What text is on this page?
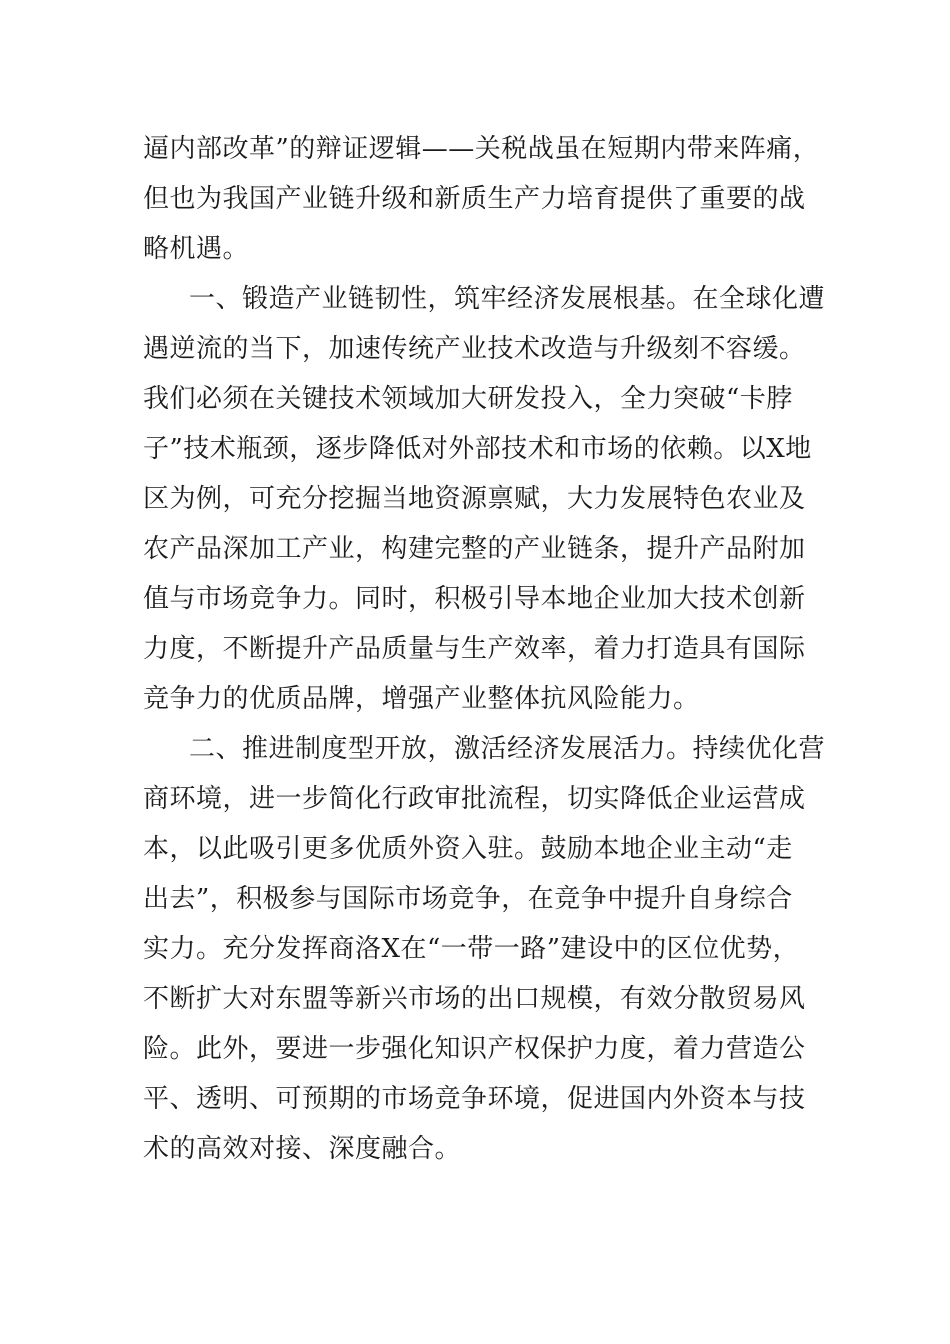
逼内部改革”的辩证逻辑——关税战虽在短期内带来阵痛，
但也为我国产业链升级和新质生产力培育提供了重要的战
略机遇。
一、锻造产业链韧性，筑牢经济发展根基。在全球化遭
遇逆流的当下，加速传统产业技术改造与升级刻不容缓。
我们必须在关键技术领域加大研发投入，全力突破“卡脖
子”技术瓶颈，逐步降低对外部技术和市场的依赖。以X地
区为例，可充分挖掘当地资源禀赋，大力发展特色农业及
农产品深加工产业，构建完整的产业链条，提升产品附加
值与市场竞争力。同时，积极引导本地企业加大技术创新
力度，不断提升产品质量与生产效率，着力打造具有国际
竞争力的优质品牌，增强产业整体抗风险能力。
二、推进制度型开放，激活经济发展活力。持续优化营
商环境，进一步简化行政审批流程，切实降低企业运营成
本，以此吸引更多优质外资入驻。鼓励本地企业主动“走
出去”，积极参与国际市场竞争，在竞争中提升自身综合
实力。充分发挥商洛X在“一带一路”建设中的区位优势，
不断扩大对东盟等新兴市场的出口规模，有效分散贸易风
险。此外，要进一步强化知识产权保护力度，着力营造公
平、透明、可预期的市场竞争环境，促进国内外资本与技
术的高效对接、深度融合。
